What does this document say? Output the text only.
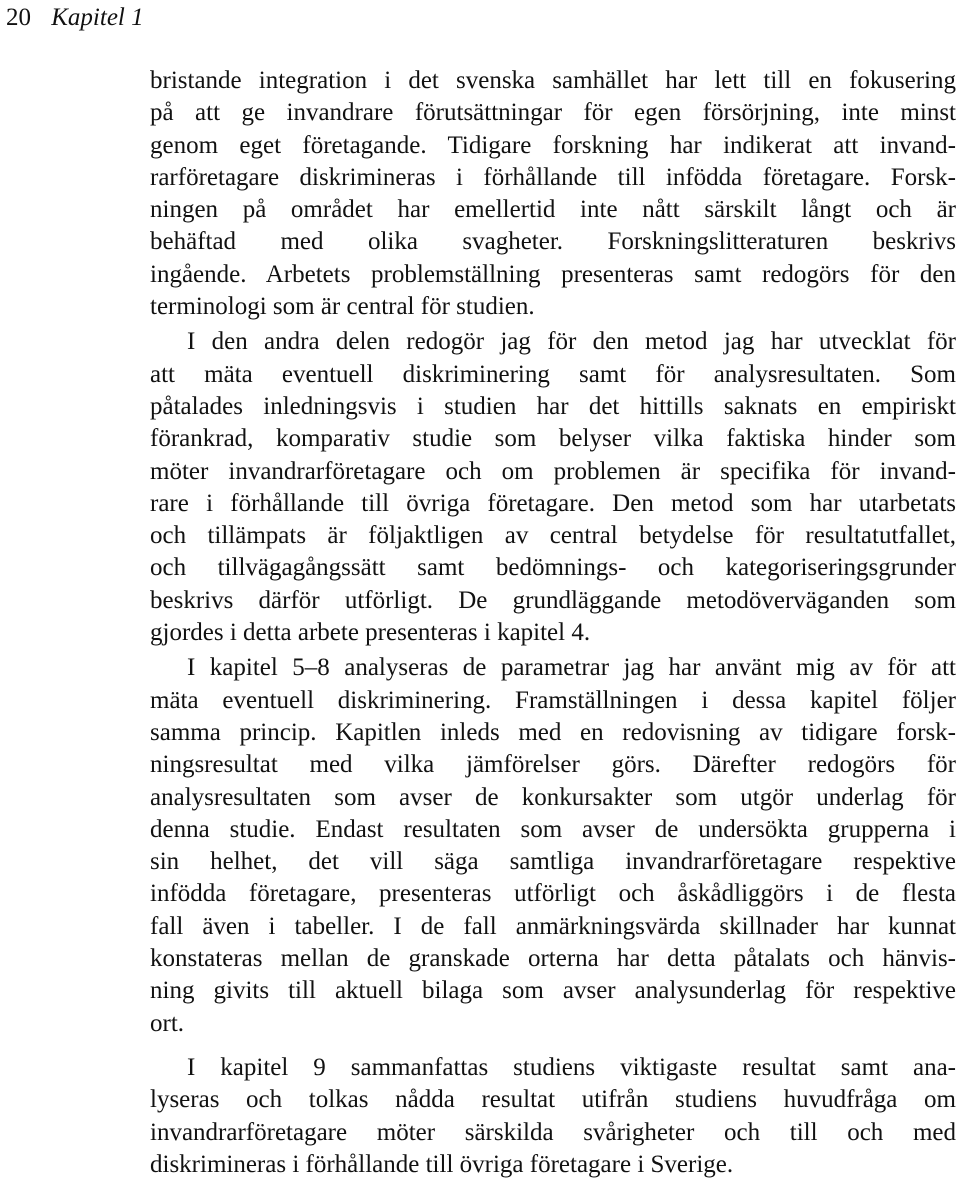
20 Kapitel 1
bristande integration i det svenska samhället har lett till en fokusering
på att ge invandrare förutsättningar för egen försörjning, inte minst
genom eget företagande. Tidigare forskning har indikerat att invand-
rarföretagare diskrimineras i förhållande till infödda företagare. Forsk-
ningen på området har emellertid inte nått särskilt långt och är
behäftad med olika svagheter. Forskningslitteraturen beskrivs
ingående. Arbetets problemställning presenteras samt redogörs för den
terminologi som är central för studien.
I den andra delen redogör jag för den metod jag har utvecklat för
att mäta eventuell diskriminering samt för analysresultaten. Som
påtalades inledningsvis i studien har det hittills saknats en empiriskt
förankrad, komparativ studie som belyser vilka faktiska hinder som
möter invandrarföretagare och om problemen är specifika för invand-
rare i förhållande till övriga företagare. Den metod som har utarbetats
och tillämpats är följaktligen av central betydelse för resultatutfallet,
och tillvägagångssätt samt bedömnings- och kategoriseringsgrunder
beskrivs därför utförligt. De grundläggande metodöverväganden som
gjordes i detta arbete presenteras i kapitel 4.
I kapitel 5–8 analyseras de parametrar jag har använt mig av för att
mäta eventuell diskriminering. Framställningen i dessa kapitel följer
samma princip. Kapitlen inleds med en redovisning av tidigare forsk-
ningsresultat med vilka jämförelser görs. Därefter redogörs för
analysresultaten som avser de konkursakter som utgör underlag för
denna studie. Endast resultaten som avser de undersökta grupperna i
sin helhet, det vill säga samtliga invandrarföretagare respektive
infödda företagare, presenteras utförligt och åskådliggörs i de flesta
fall även i tabeller. I de fall anmärkningsvärda skillnader har kunnat
konstateras mellan de granskade orterna har detta påtalats och hänvis-
ning givits till aktuell bilaga som avser analysunderlag för respektive
ort.
I kapitel 9 sammanfattas studiens viktigaste resultat samt ana-
lyseras och tolkas nådda resultat utifrån studiens huvudfråga om
invandrarföretagare möter särskilda svårigheter och till och med
diskrimineras i förhållande till övriga företagare i Sverige.
